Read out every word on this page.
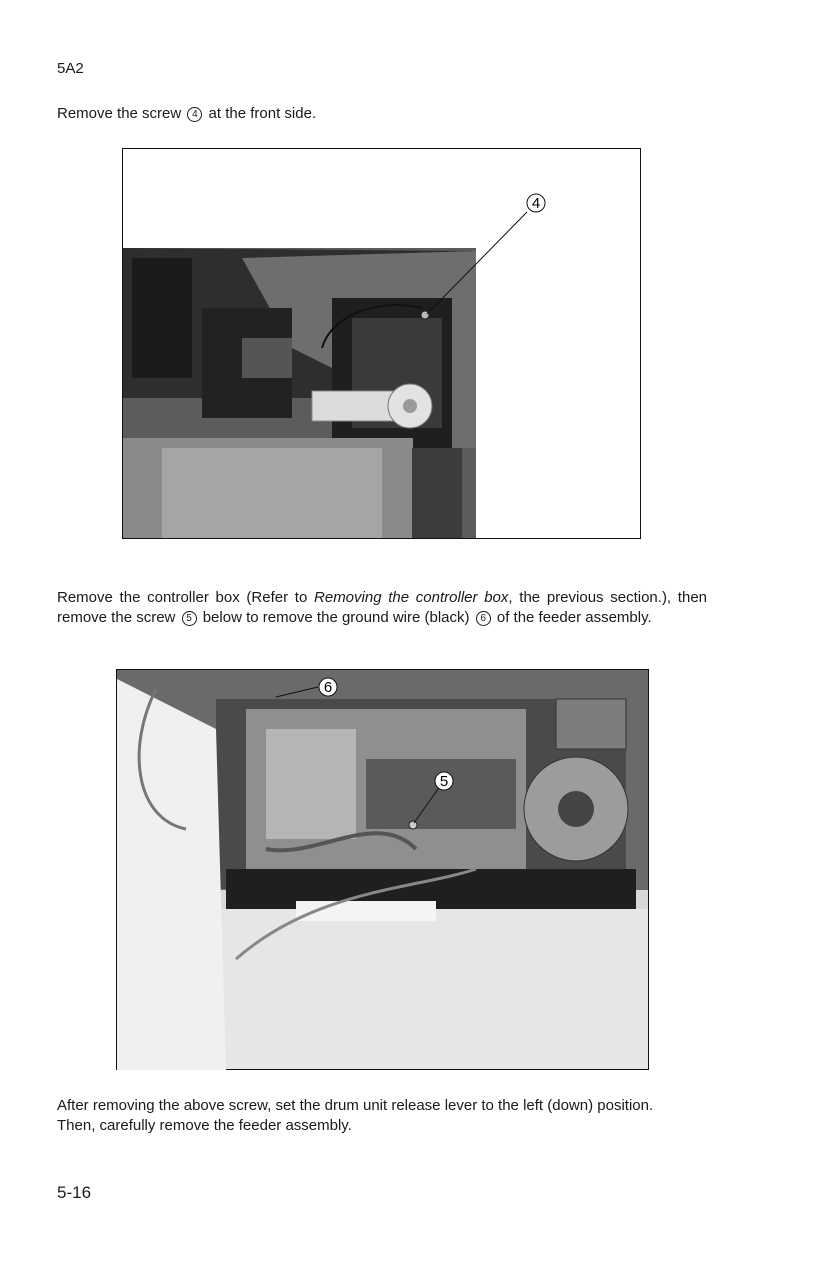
5A2
Remove the screw 4 at the front side.
4
Remove the controller box (Refer to Removing the controller box, the previous section.), then remove the screw 5 below to remove the ground wire (black) 6 of the feeder assembly.
6
5
After removing the above screw, set the drum unit release lever to the left (down) position.
Then, carefully remove the feeder assembly.
5-16
